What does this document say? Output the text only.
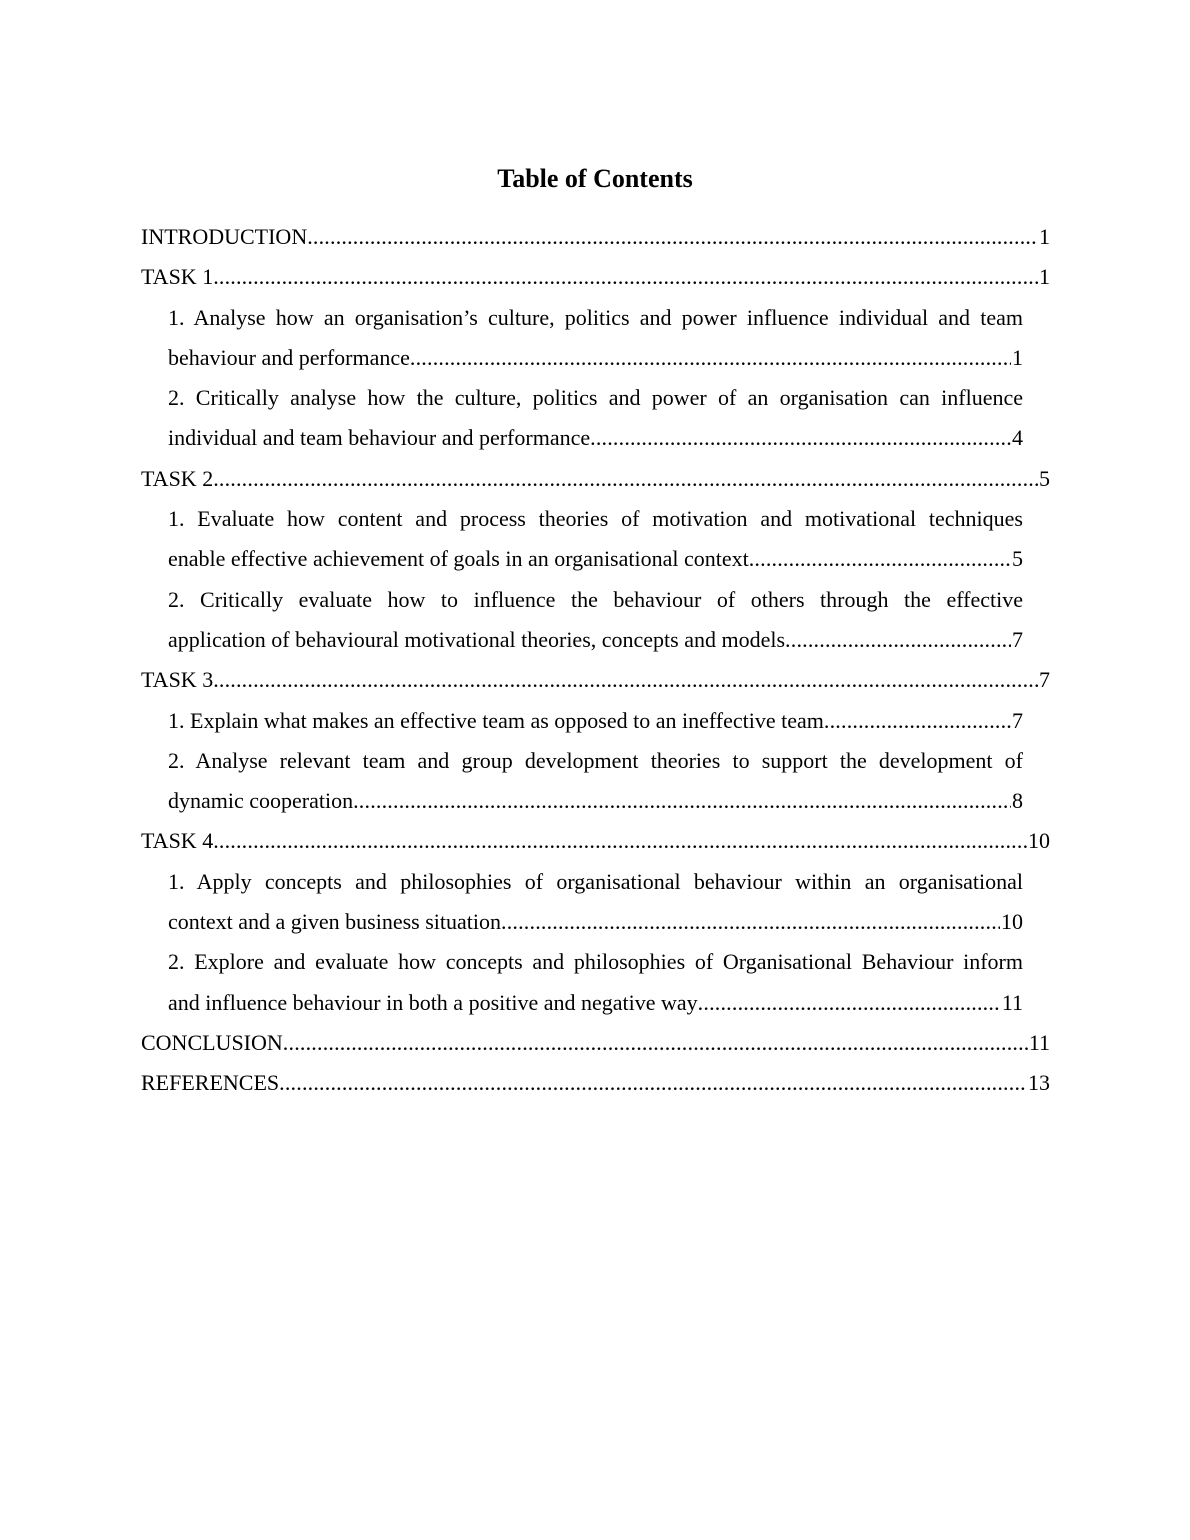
Table of Contents
INTRODUCTION .....	1
TASK 1 .....	1
1. Analyse how an organisation’s culture, politics and power influence individual and team
behaviour and performance .....	1
2. Critically analyse how the culture, politics and power of an organisation can influence
individual and team behaviour and performance .....	4
TASK 2 .....	5
1. Evaluate how content and process theories of motivation and motivational techniques
enable effective achievement of goals in an organisational context .....	5
2. Critically evaluate how to influence the behaviour of others through the effective
application of behavioural motivational theories, concepts and models .....	7
TASK 3 .....	7
1. Explain what makes an effective team as opposed to an ineffective team .....	7
2. Analyse relevant team and group development theories to support the development of
dynamic cooperation .....	8
TASK 4 .....	10
1. Apply concepts and philosophies of organisational behaviour within an organisational
context and a given business situation .....	10
2. Explore and evaluate how concepts and philosophies of Organisational Behaviour inform
and influence behaviour in both a positive and negative way .....	11
CONCLUSION .....	11
REFERENCES .....	13
